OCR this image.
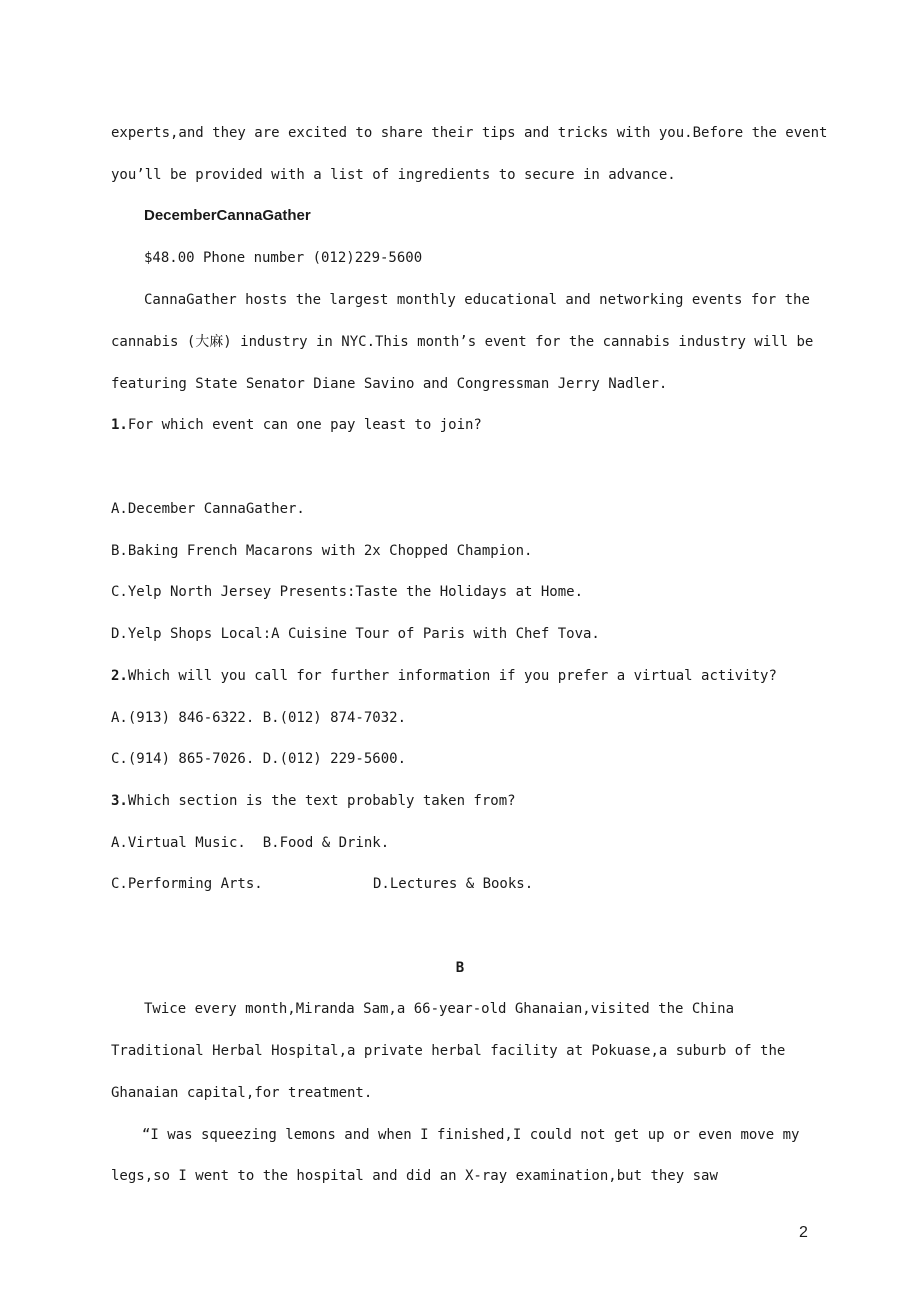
experts,and they are excited to share their tips and tricks with you.Before the event
you’ll be provided with a list of ingredients to secure in advance.
DecemberCannaGather
$48.00 Phone number (012)229-5600
CannaGather hosts the largest monthly educational and networking events for the
cannabis (大麻) industry in NYC.This month’s event for the cannabis industry will be
featuring State Senator Diane Savino and Congressman Jerry Nadler.
1.For which event can one pay least to join?
A.December CannaGather.
B.Baking French Macarons with 2x Chopped Champion.
C.Yelp North Jersey Presents:Taste the Holidays at Home.
D.Yelp Shops Local:A Cuisine Tour of Paris with Chef Tova.
2.Which will you call for further information if you prefer a virtual activity?
A.(913) 846-6322. B.(012) 874-7032.
C.(914) 865-7026. D.(012) 229-5600.
3.Which section is the text probably taken from?
A.Virtual Music.  B.Food & Drink.
C.Performing Arts.	D.Lectures & Books.
B
Twice every month,Miranda Sam,a 66-year-old Ghanaian,visited the China
Traditional Herbal Hospital,a private herbal facility at Pokuase,a suburb of the
Ghanaian capital,for treatment.
“I was squeezing lemons and when I finished,I could not get up or even move my
legs,so I went to the hospital and did an X-ray examination,but they saw
2
